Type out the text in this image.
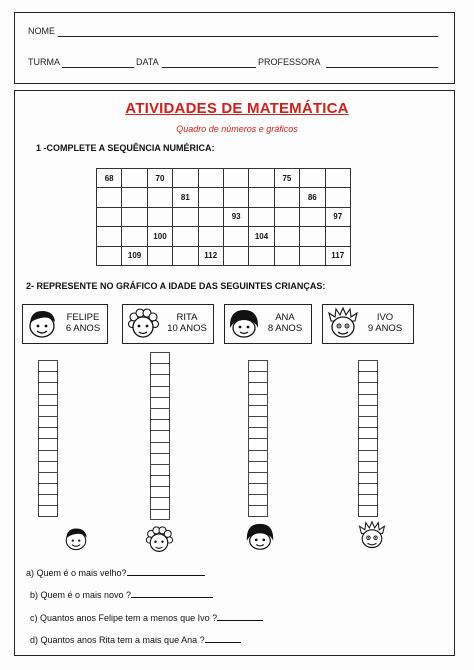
NOME
TURMA	DATA	PROFESSORA
ATIVIDADES DE MATEMÁTICA
Quadro de números e gráficos
1 -COMPLETE A SEQUÊNCIA NUMÉRICA:
68		70					75		
			81					86	
					93				97
		100				104			
	109			112					117
2- REPRESENTE NO GRÁFICO A IDADE DAS SEGUINTES CRIANÇAS:
FELIPE
6 ANOS
RITA
10 ANOS
ANA
8 ANOS
IVO
9 ANOS
a) Quem é o mais velho?
b) Quem é o mais novo ?
c) Quantos anos Felipe tem a menos que Ivo ?
d) Quantos anos Rita tem a mais que Ana ?
